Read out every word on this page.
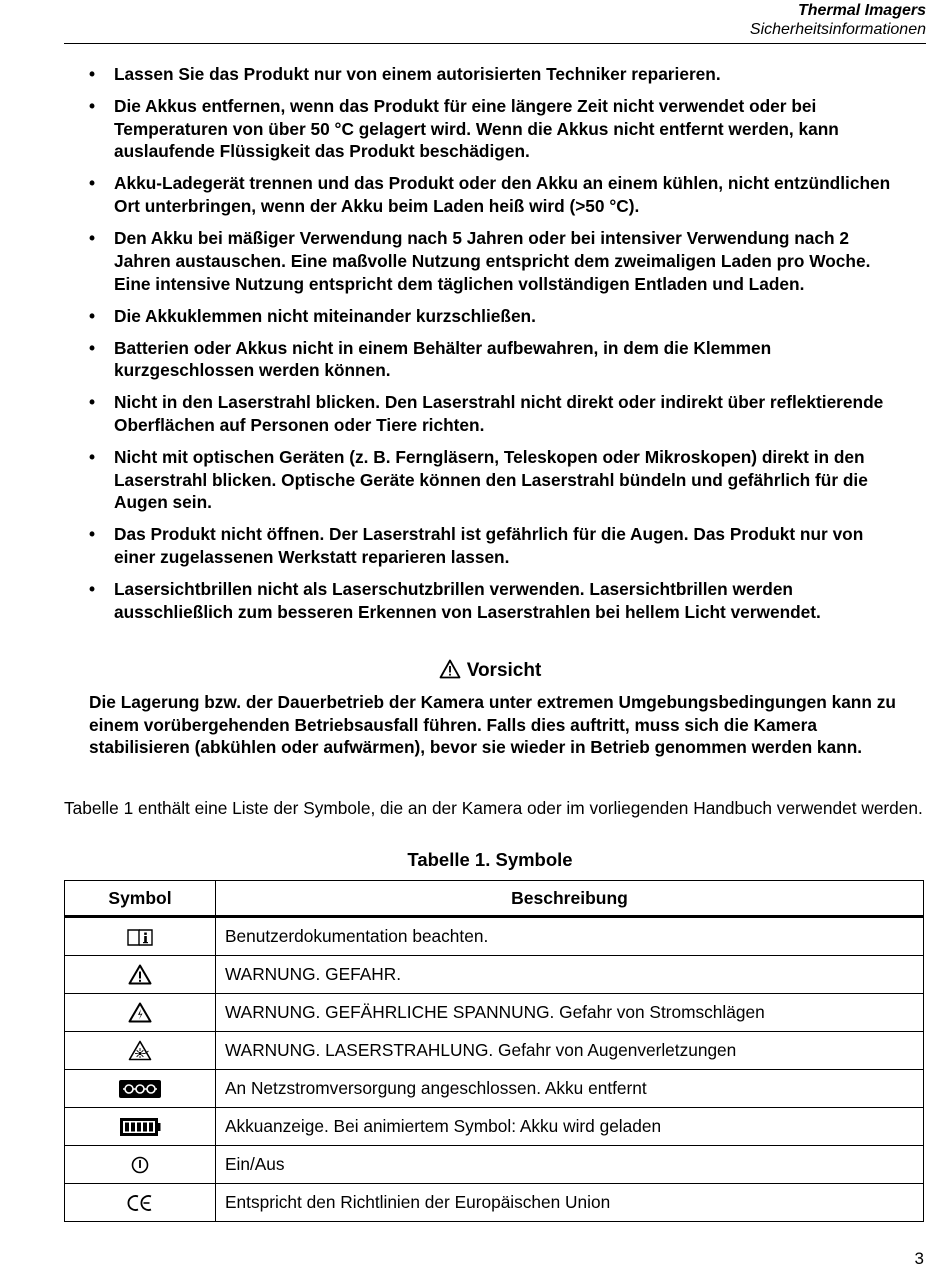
Thermal Imagers
Sicherheitsinformationen
• Lassen Sie das Produkt nur von einem autorisierten Techniker reparieren.
• Die Akkus entfernen, wenn das Produkt für eine längere Zeit nicht verwendet oder bei Temperaturen von über 50 °C gelagert wird. Wenn die Akkus nicht entfernt werden, kann auslaufende Flüssigkeit das Produkt beschädigen.
• Akku-Ladegerät trennen und das Produkt oder den Akku an einem kühlen, nicht entzündlichen Ort unterbringen, wenn der Akku beim Laden heiß wird (>50 °C).
• Den Akku bei mäßiger Verwendung nach 5 Jahren oder bei intensiver Verwendung nach 2 Jahren austauschen. Eine maßvolle Nutzung entspricht dem zweimaligen Laden pro Woche. Eine intensive Nutzung entspricht dem täglichen vollständigen Entladen und Laden.
• Die Akkuklemmen nicht miteinander kurzschließen.
• Batterien oder Akkus nicht in einem Behälter aufbewahren, in dem die Klemmen kurzgeschlossen werden können.
• Nicht in den Laserstrahl blicken. Den Laserstrahl nicht direkt oder indirekt über reflektierende Oberflächen auf Personen oder Tiere richten.
• Nicht mit optischen Geräten (z. B. Ferngläsern, Teleskopen oder Mikroskopen) direkt in den Laserstrahl blicken. Optische Geräte können den Laserstrahl bündeln und gefährlich für die Augen sein.
• Das Produkt nicht öffnen. Der Laserstrahl ist gefährlich für die Augen. Das Produkt nur von einer zugelassenen Werkstatt reparieren lassen.
• Lasersichtbrillen nicht als Laserschutzbrillen verwenden. Lasersichtbrillen werden ausschließlich zum besseren Erkennen von Laserstrahlen bei hellem Licht verwendet.
Vorsicht
Die Lagerung bzw. der Dauerbetrieb der Kamera unter extremen Umgebungsbedingungen kann zu einem vorübergehenden Betriebsausfall führen. Falls dies auftritt, muss sich die Kamera stabilisieren (abkühlen oder aufwärmen), bevor sie wieder in Betrieb genommen werden kann.
Tabelle 1 enthält eine Liste der Symbole, die an der Kamera oder im vorliegenden Handbuch verwendet werden.
Tabelle 1. Symbole
Symbol	Beschreibung

	Benutzerdokumentation beachten.

	WARNUNG. GEFAHR.

	WARNUNG. GEFÄHRLICHE SPANNUNG. Gefahr von Stromschlägen

	WARNUNG. LASERSTRAHLUNG. Gefahr von Augenverletzungen

	An Netzstromversorgung angeschlossen. Akku entfernt

	Akkuanzeige. Bei animiertem Symbol: Akku wird geladen

	Ein/Aus

	Entspricht den Richtlinien der Europäischen Union
3
